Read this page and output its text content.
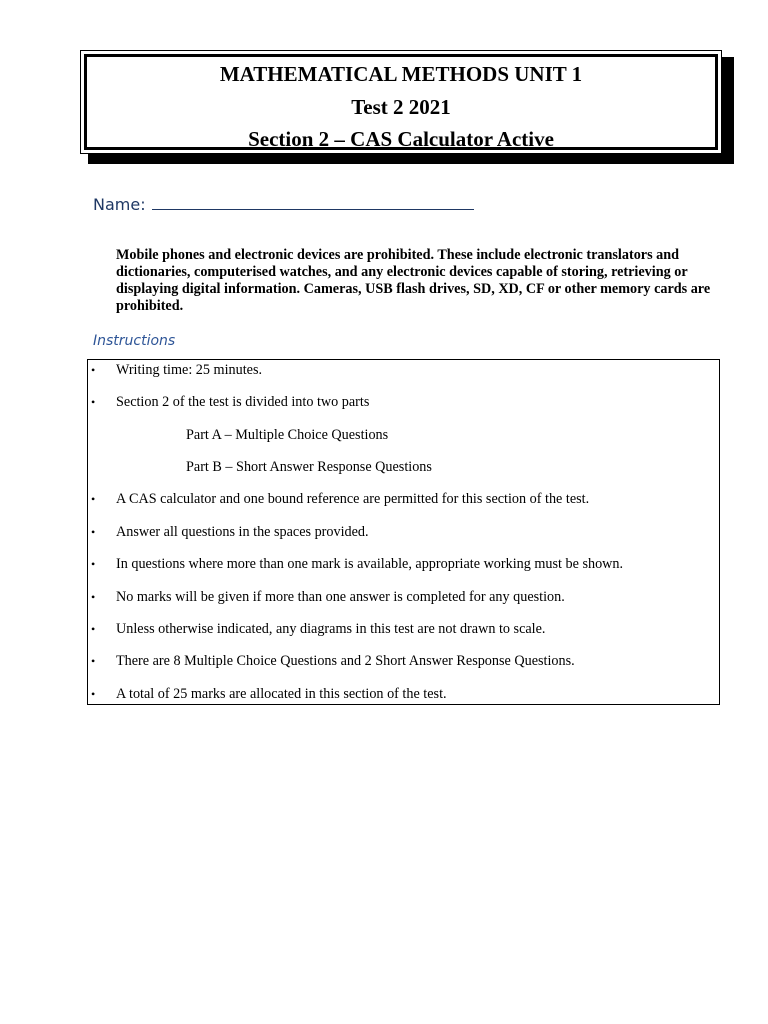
MATHEMATICAL METHODS UNIT 1
Test 2 2021
Section 2 – CAS Calculator Active
Name:
Mobile phones and electronic devices are prohibited. These include electronic translators and dictionaries, computerised watches, and any electronic devices capable of storing, retrieving or displaying digital information. Cameras, USB flash drives, SD, XD, CF or other memory cards are prohibited.
Instructions
•	Writing time: 25 minutes.
•	Section 2 of the test is divided into two parts
Part A – Multiple Choice Questions
Part B – Short Answer Response Questions
•	A CAS calculator and one bound reference are permitted for this section of the test.
•	Answer all questions in the spaces provided.
•	In questions where more than one mark is available, appropriate working must be shown.
•	No marks will be given if more than one answer is completed for any question.
•	Unless otherwise indicated, any diagrams in this test are not drawn to scale.
•	There are 8 Multiple Choice Questions and 2 Short Answer Response Questions.
•	A total of 25 marks are allocated in this section of the test.
